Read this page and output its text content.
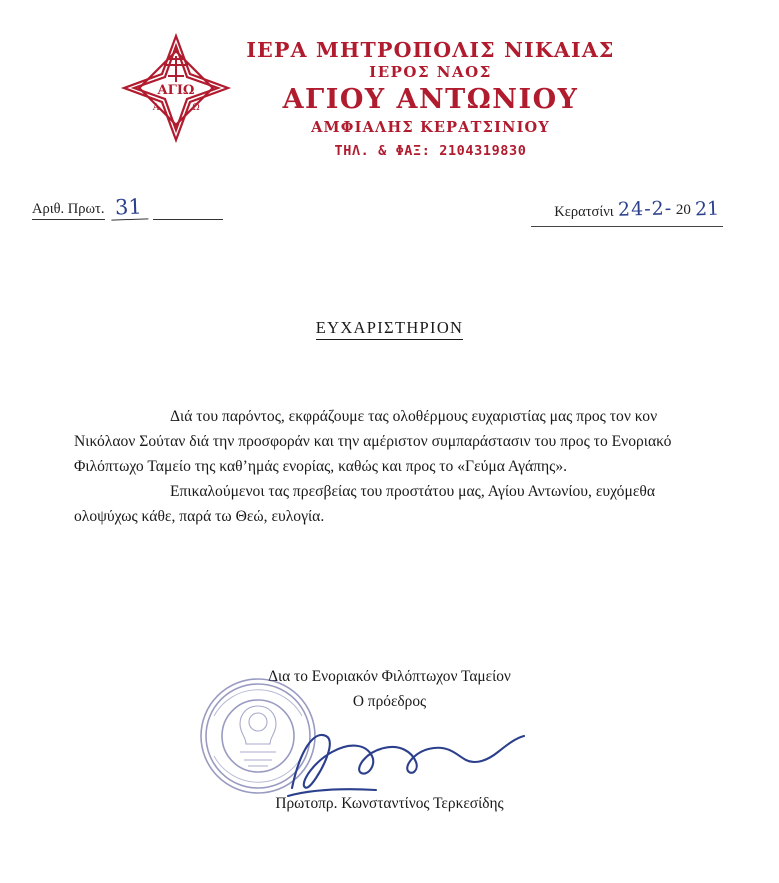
ΑΓΙΩ
Α	Ω
ΙΕΡΑ ΜΗΤΡΟΠΟΛΙΣ ΝΙΚΑΙΑΣ
ΙΕΡΟΣ ΝΑΟΣ
ΑΓΙΟΥ ΑΝΤΩΝΙΟΥ
ΑΜΦΙΑΛΗΣ ΚΕΡΑΤΣΙΝΙΟΥ
ΤΗΛ. & ΦΑΞ: 2104319830
Αριθ. Πρωτ. 31	Κερατσίνι 24-2- 20 21
ΕΥΧΑΡΙΣΤΗΡΙΟΝ

Διά του παρόντος, εκφράζουμε τας ολοθέρμους ευχαριστίας μας προς τον κον Νικόλαον Σούταν διά την προσφοράν και την αμέριστον συμπαράστασιν του προς το Ενοριακό Φιλόπτωχο Ταμείο της καθ’ημάς ενορίας, καθώς και προς το «Γεύμα Αγάπης».

Επικαλούμενοι τας πρεσβείας του προστάτου μας, Αγίου Αντωνίου, ευχόμεθα ολοψύχως κάθε, παρά τω Θεώ, ευλογία.

Δια το Ενοριακόν Φιλόπτωχον Ταμείον
Ο πρόεδρος
Πρωτοπρ. Κωνσταντίνος Τερκεσίδης
